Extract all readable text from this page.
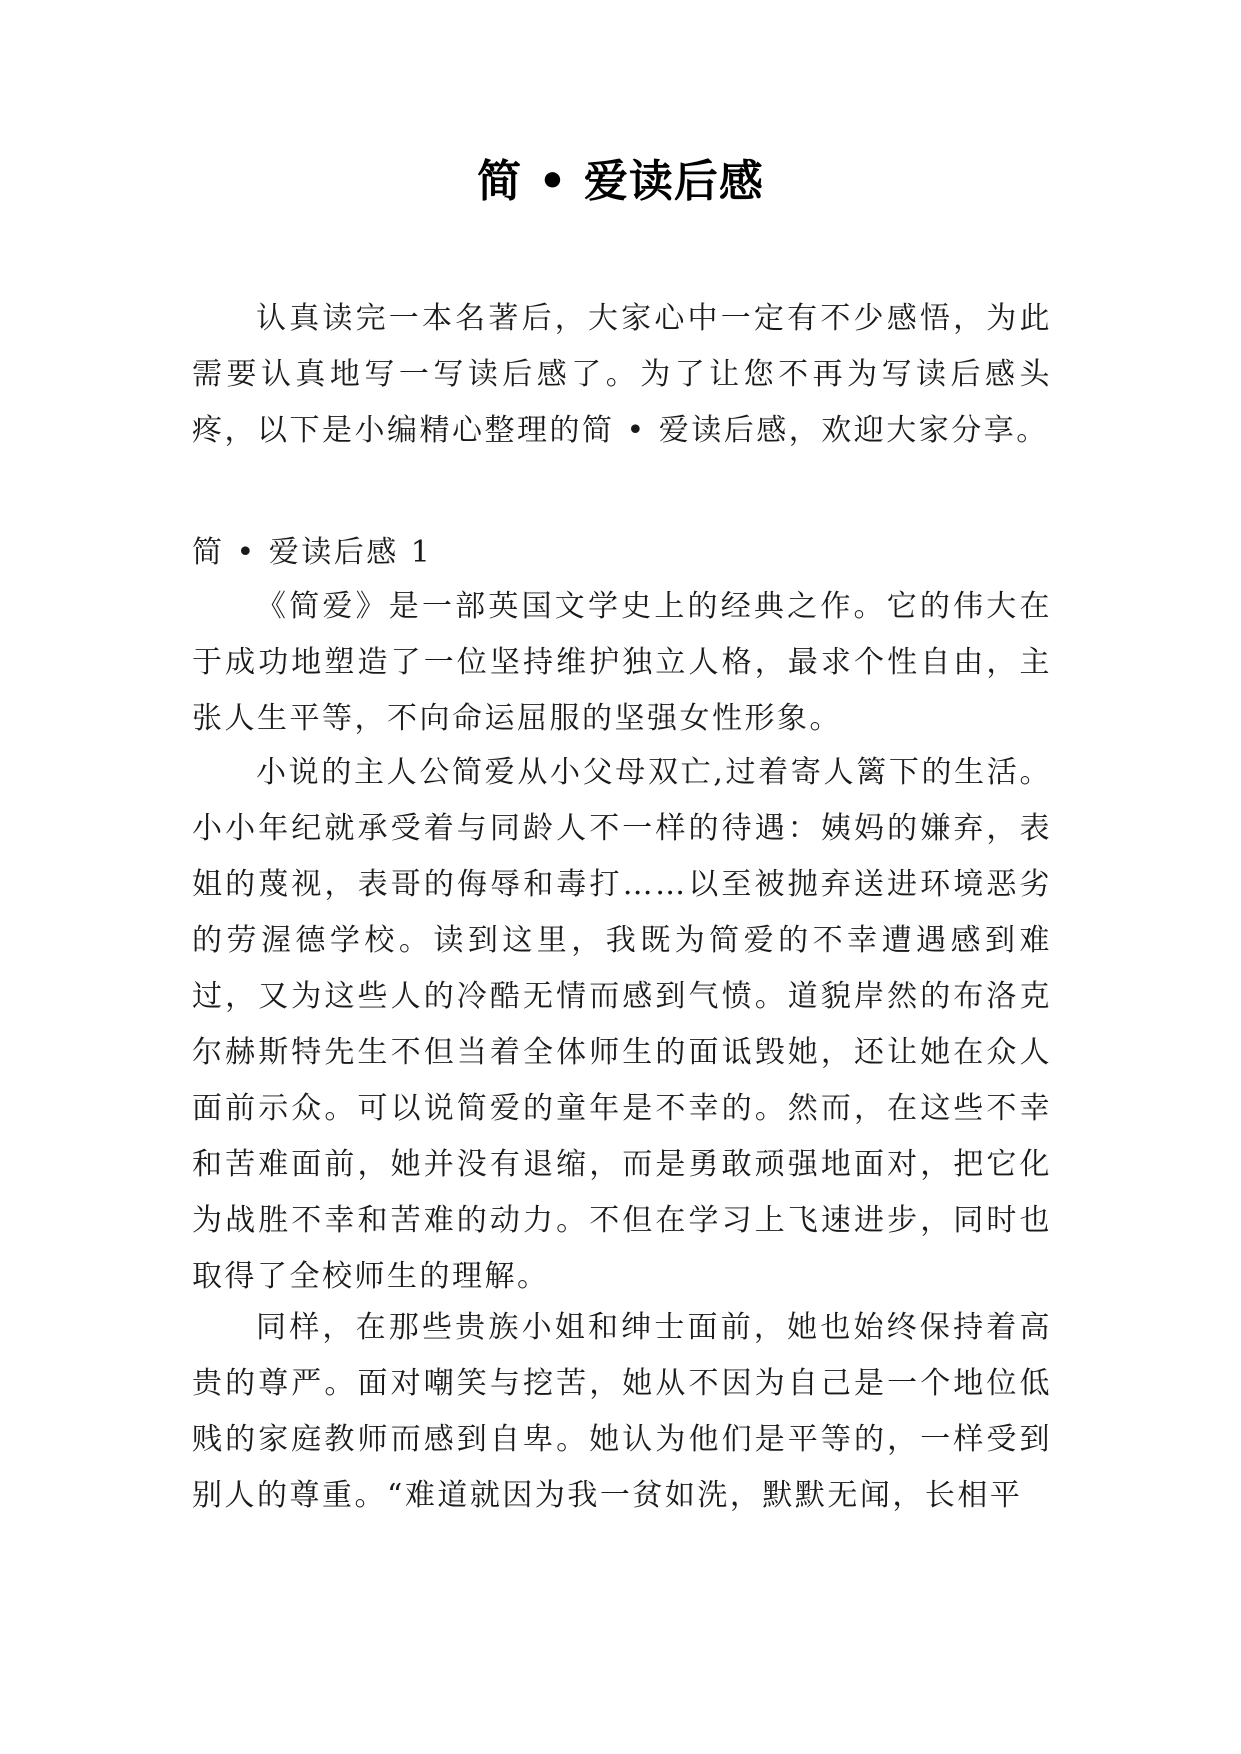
简 • 爱读后感

认真读完一本名著后，大家心中一定有不少感悟，为此需要认真地写一写读后感了。为了让您不再为写读后感头疼，以下是小编精心整理的简 • 爱读后感，欢迎大家分享。

简 • 爱读后感 1

《简爱》是一部英国文学史上的经典之作。它的伟大在于成功地塑造了一位坚持维护独立人格，最求个性自由，主张人生平等，不向命运屈服的坚强女性形象。

小说的主人公简爱从小父母双亡,过着寄人篱下的生活。小小年纪就承受着与同龄人不一样的待遇：姨妈的嫌弃，表姐的蔑视，表哥的侮辱和毒打……以至被抛弃送进环境恶劣的劳渥德学校。读到这里，我既为简爱的不幸遭遇感到难过，又为这些人的冷酷无情而感到气愤。道貌岸然的布洛克尔赫斯特先生不但当着全体师生的面诋毁她，还让她在众人面前示众。可以说简爱的童年是不幸的。然而，在这些不幸和苦难面前，她并没有退缩，而是勇敢顽强地面对，把它化为战胜不幸和苦难的动力。不但在学习上飞速进步，同时也取得了全校师生的理解。

同样，在那些贵族小姐和绅士面前，她也始终保持着高贵的尊严。面对嘲笑与挖苦，她从不因为自己是一个地位低贱的家庭教师而感到自卑。她认为他们是平等的，一样受到别人的尊重。“难道就因为我一贫如洗，默默无闻，长相平
